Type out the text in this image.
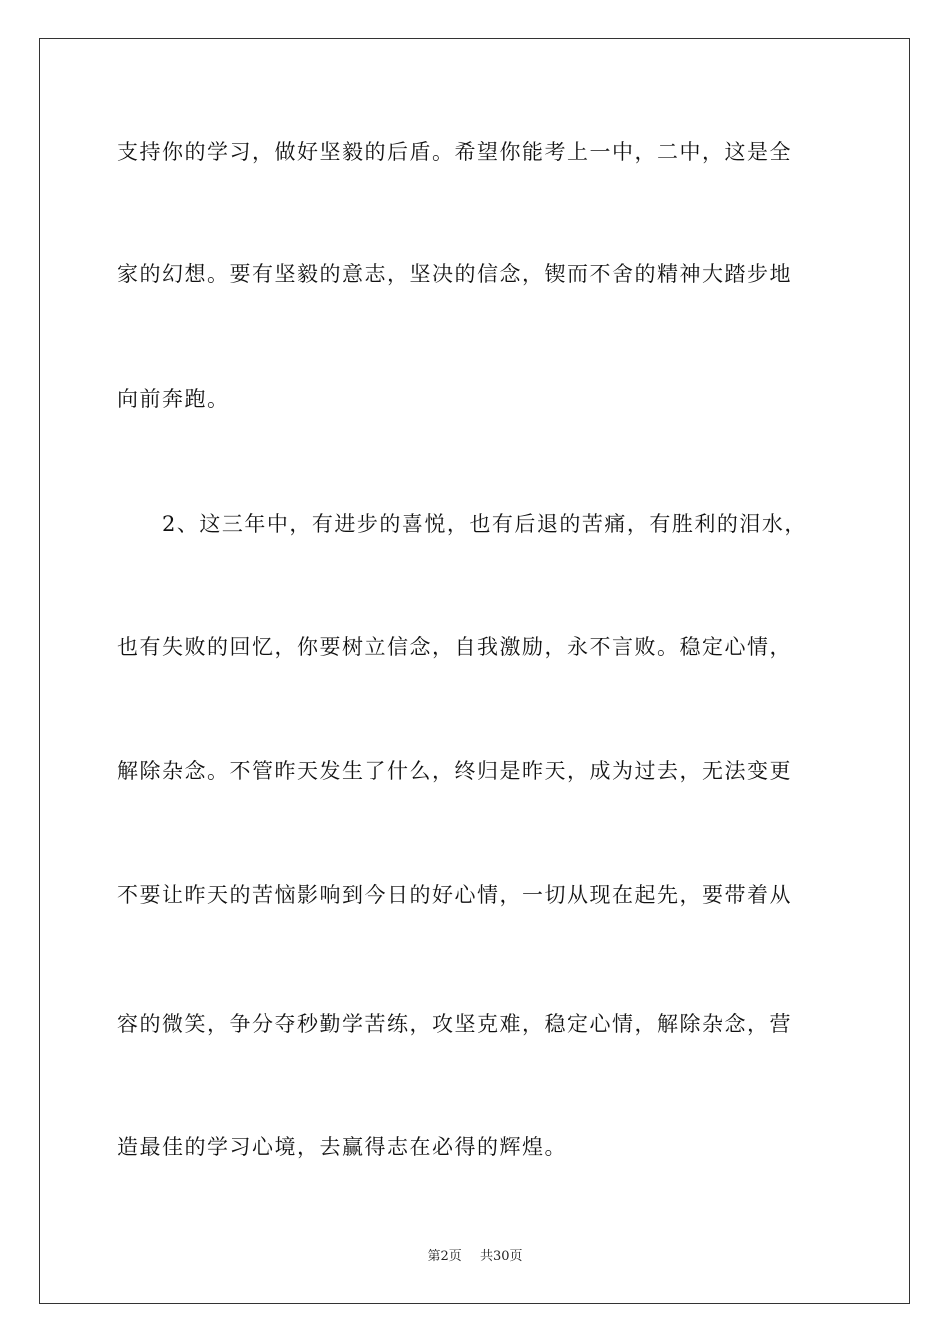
支持你的学习，做好坚毅的后盾。希望你能考上一中，二中，这是全
家的幻想。要有坚毅的意志，坚决的信念，锲而不舍的精神大踏步地
向前奔跑。
2、这三年中，有进步的喜悦，也有后退的苦痛，有胜利的泪水，
也有失败的回忆，你要树立信念，自我激励，永不言败。稳定心情，
解除杂念。不管昨天发生了什么，终归是昨天，成为过去，无法变更
不要让昨天的苦恼影响到今日的好心情，一切从现在起先，要带着从
容的微笑，争分夺秒勤学苦练，攻坚克难，稳定心情，解除杂念，营
造最佳的学习心境，去赢得志在必得的辉煌。
第2页 共30页
